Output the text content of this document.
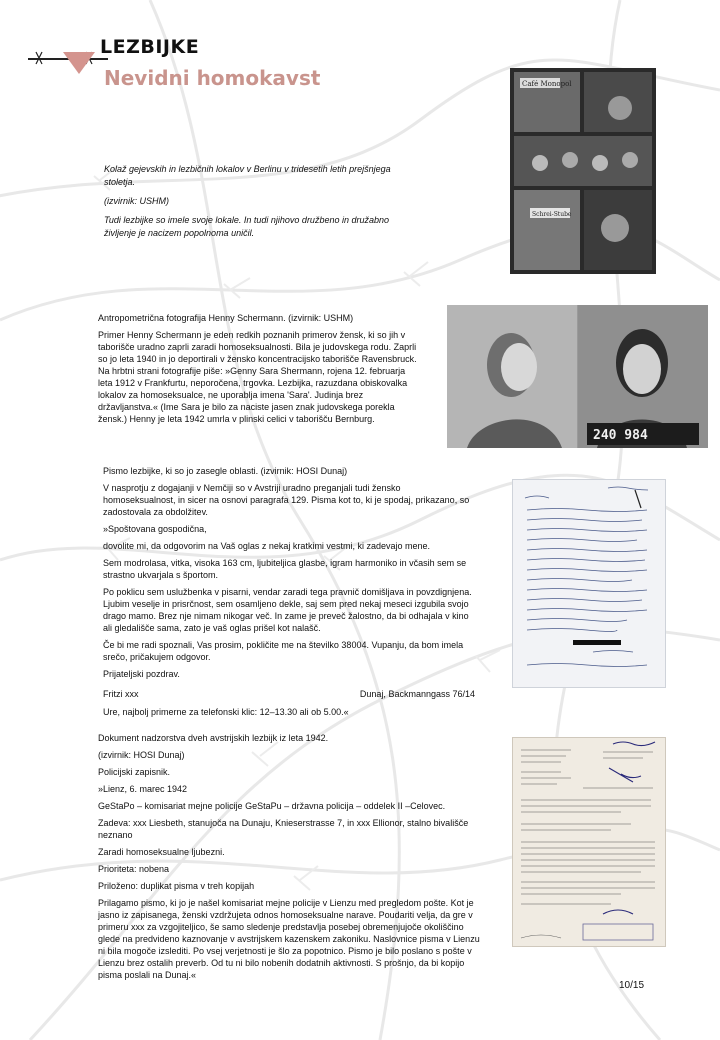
LEZBIJKE
Nevidni homokavst	Café Monopol
Schrei-Stube

Kolaž gejevskih in lezbičnih lokalov v Berlinu v tridesetih letih prejšnjega stoletja.

(izvirnik: USHM)

Tudi lezbijke so imele svoje lokale. In tudi njihovo družbeno in družabno življenje je nacizem popolnoma uničil.

240 984

Antropometrična fotografija Henny Schermann. (izvirnik: USHM)

Primer Henny Schermann je eden redkih poznanih primerov žensk, ki so jih v taborišče uradno zaprli zaradi homoseksualnosti. Bila je judovskega rodu. Zaprli so jo leta 1940 in jo deportirali v žensko koncentracijsko taborišče Ravensbruck. Na hrbtni strani fotografije piše: »Genny Sara Shermann, rojena 12. februarja leta 1912 v Frankfurtu, neporočena, trgovka. Lezbijka, razuzdana obiskovalka lokalov za homoseksualce, ne uporablja imena 'Sara'. Judinja brez državljanstva.« (Ime Sara je bilo za naciste jasen znak judovskega porekla žensk.) Henny je leta 1942 umrla v plinski celici v taborišču Bernburg.

Pismo lezbijke, ki so jo zasegle oblasti. (izvirnik: HOSI Dunaj)

V nasprotju z dogajanji v Nemčiji so v Avstriji uradno preganjali tudi žensko homoseksualnost, in sicer na osnovi paragrafa 129. Pisma kot to, ki je spodaj, prikazano, so zadostovala za obdolžitev.

»Spoštovana gospodična,

dovolite mi, da odgovorim na Vaš oglas z nekaj kratkimi vestmi, ki zadevajo mene.

Sem modrolasa, vitka, visoka 163 cm, ljubiteljica glasbe, igram harmoniko in včasih sem se strastno ukvarjala s športom.

Po poklicu sem uslužbenka v pisarni, vendar zaradi tega pravnič domišljava in povzdignjena. Ljubim veselje in prisrčnost, sem osamljeno dekle, saj sem pred nekaj meseci izgubila svojo drago mamo. Brez nje nimam nikogar več. In zame je preveč žalostno, da bi odhajala v kino ali gledališče sama, zato je vaš oglas prišel kot nalašč.

Če bi me radi spoznali, Vas prosim, pokličite me na številko 38004. Vupanju, da bom imela srečo, pričakujem odgovor.

Prijateljski pozdrav.

Fritzi xxx	Dunaj, Backmanngass 76/14

Ure, najbolj primerne za telefonski klic: 12–13.30 ali ob 5.00.«

Dokument nadzorstva dveh avstrijskih lezbijk iz leta 1942.

(izvirnik: HOSI Dunaj)

Policijski zapisnik.

»Lienz, 6. marec 1942

GeStaPo – komisariat mejne policije GeStaPu – državna policija – oddelek II –Celovec.

Zadeva: xxx Liesbeth, stanujoča na Dunaju, Knieserstrasse 7, in xxx Ellionor, stalno bivališče neznano

Zaradi homoseksualne ljubezni.

Prioriteta: nobena

Priloženo: duplikat pisma v treh kopijah

Prilagamo pismo, ki jo je našel komisariat mejne policije v Lienzu med pregledom pošte. Kot je jasno iz zapisanega, ženski vzdržujeta odnos homoseksualne narave. Poudariti velja, da gre v primeru xxx za vzgojiteljico, še samo sledenje predstavlja posebej obremenjujoče okoliščino glede na predvideno kaznovanje v avstrijskem kazenskem zakoniku. Naslovnice pisma v Lienzu ni bila mogoče izslediti. Po vsej verjetnosti je šlo za popotnico. Pismo je bilo poslano s pošte v Lienzu brez ostalih preverb. Od tu ni bilo nobenih dodatnih aktivnosti. S prošnjo, da bi kopijo pisma poslali na Dunaj.«

10/15
